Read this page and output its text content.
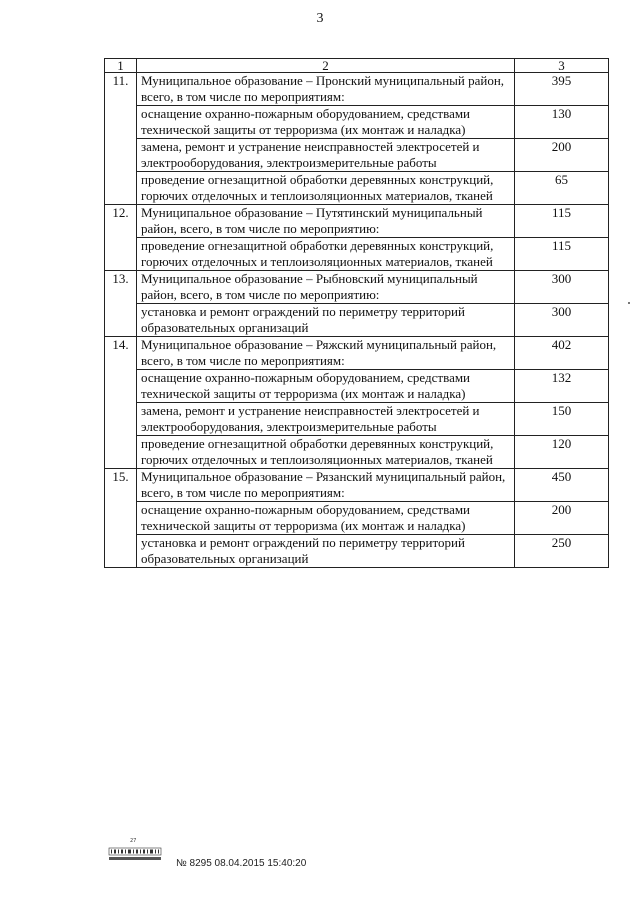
3
1	2	3
11.	Муниципальное образование – Пронский муниципальный район, всего, в том числе по мероприятиям:	395
	оснащение охранно-пожарным оборудованием, средствами технической защиты от терроризма (их монтаж и наладка)	130
	замена, ремонт и устранение неисправностей электросетей и электрооборудования, электроизмерительные работы	200
	проведение огнезащитной обработки деревянных конструкций, горючих отделочных и теплоизоляционных материалов, тканей	65
12.	Муниципальное образование – Путятинский муниципальный район, всего, в том числе по мероприятию:	115
	проведение огнезащитной обработки деревянных конструкций, горючих отделочных и теплоизоляционных материалов, тканей	115
13.	Муниципальное образование – Рыбновский муниципальный район, всего, в том числе по мероприятию:	300
	установка и ремонт ограждений по периметру территорий образовательных организаций	300
14.	Муниципальное образование – Ряжский муниципальный район, всего, в том числе по мероприятиям:	402
	оснащение охранно-пожарным оборудованием, средствами технической защиты от терроризма (их монтаж и наладка)	132
	замена, ремонт и устранение неисправностей электросетей и электрооборудования, электроизмерительные работы	150
	проведение огнезащитной обработки деревянных конструкций, горючих отделочных и теплоизоляционных материалов, тканей	120
15.	Муниципальное образование – Рязанский муниципальный район, всего, в том числе по мероприятиям:	450
	оснащение охранно-пожарным оборудованием, средствами технической защиты от терроризма (их монтаж и наладка)	200
	установка и ремонт ограждений по периметру территорий образовательных организаций	250
27
№ 8295 08.04.2015 15:40:20
